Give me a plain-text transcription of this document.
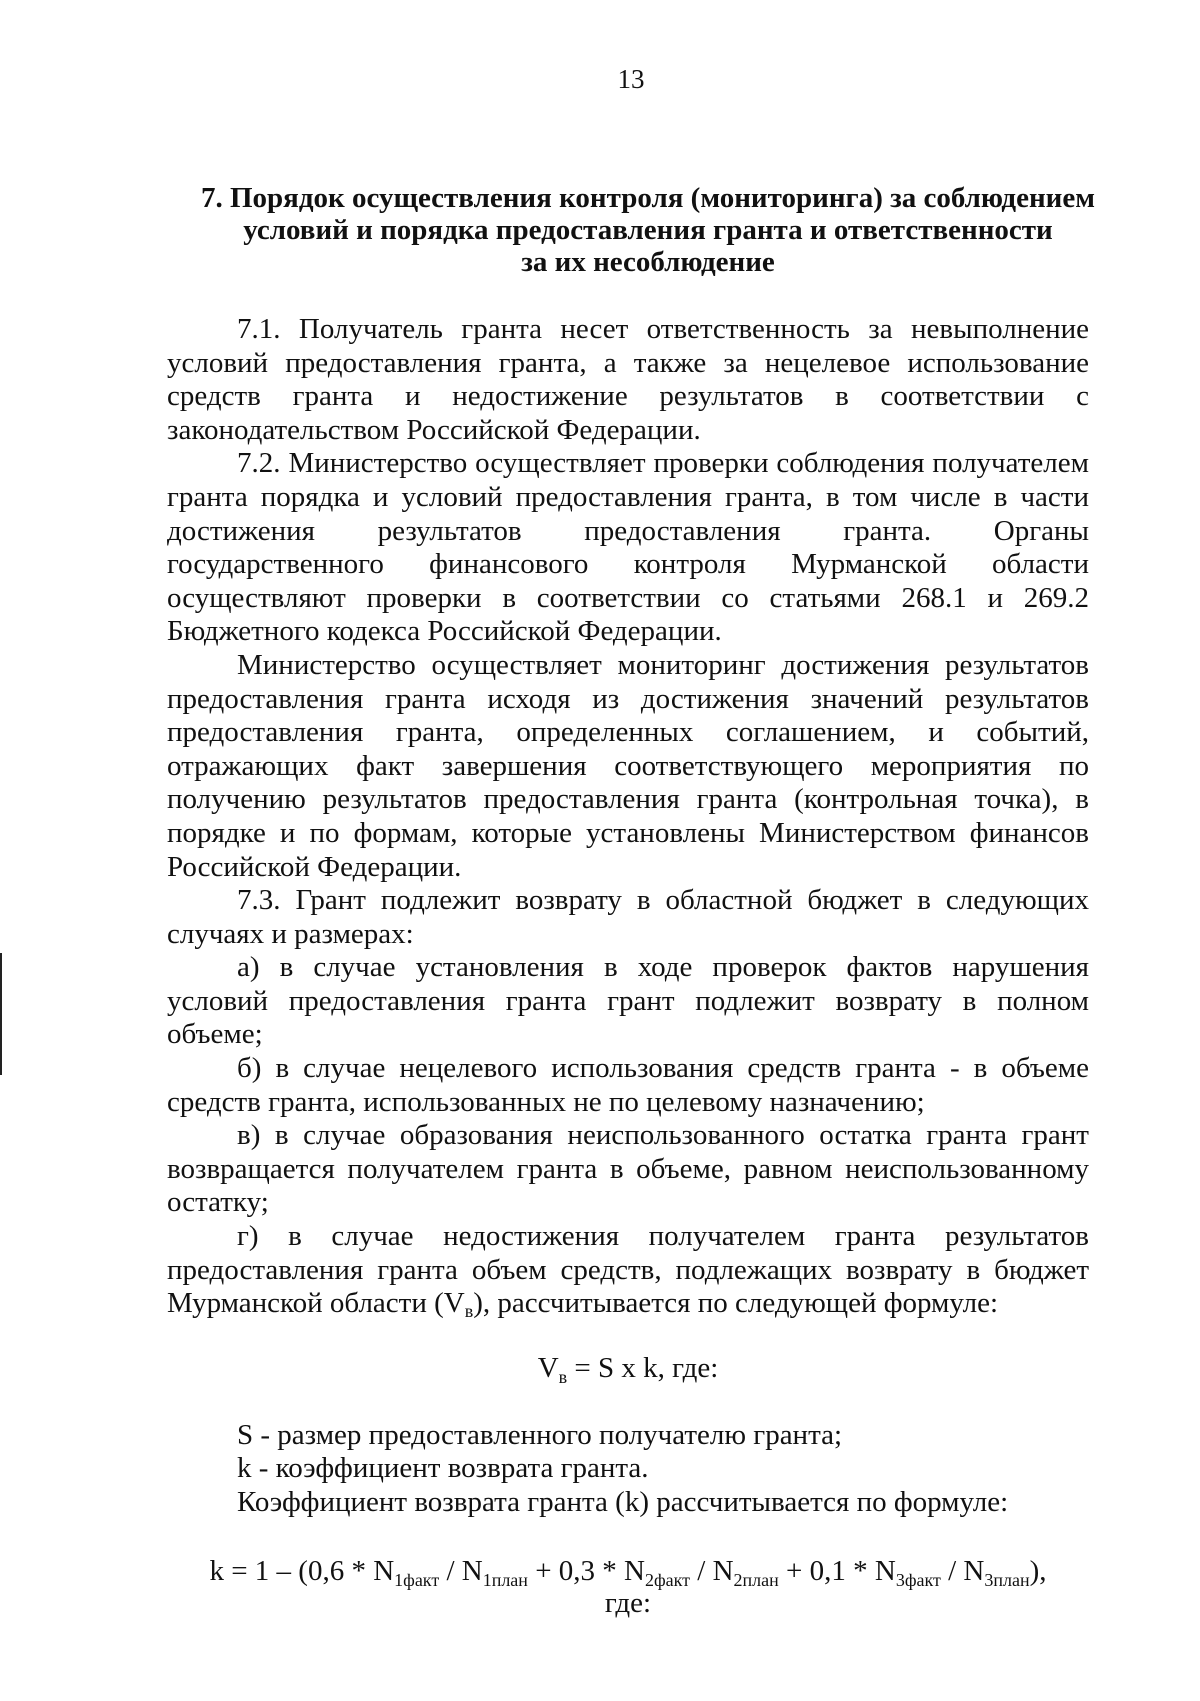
13
7. Порядок осуществления контроля (мониторинга) за соблюдением
условий и порядка предоставления гранта и ответственности
за их несоблюдение

7.1. Получатель гранта несет ответственность за невыполнение условий предоставления гранта, а также за нецелевое использование средств гранта и недостижение результатов в соответствии с законодательством Российской Федерации.

7.2. Министерство осуществляет проверки соблюдения получателем гранта порядка и условий предоставления гранта, в том числе в части достижения результатов предоставления гранта. Органы государственного финансового контроля Мурманской области осуществляют проверки в соответствии со статьями 268.1 и 269.2 Бюджетного кодекса Российской Федерации.

Министерство осуществляет мониторинг достижения результатов предоставления гранта исходя из достижения значений результатов предоставления гранта, определенных соглашением, и событий, отражающих факт завершения соответствующего мероприятия по получению результатов предоставления гранта (контрольная точка), в порядке и по формам, которые установлены Министерством финансов Российской Федерации.

7.3. Грант подлежит возврату в областной бюджет в следующих случаях и размерах:

а) в случае установления в ходе проверок фактов нарушения условий предоставления гранта грант подлежит возврату в полном объеме;

б) в случае нецелевого использования средств гранта - в объеме средств гранта, использованных не по целевому назначению;

в) в случае образования неиспользованного остатка гранта грант возвращается получателем гранта в объеме, равном неиспользованному остатку;

г) в случае недостижения получателем гранта результатов предоставления гранта объем средств, подлежащих возврату в бюджет Мурманской области $(V_в)$, рассчитывается по следующей формуле:

$V_в = S$ x k, где:

S - размер предоставленного получателю гранта;

k - коэффициент возврата гранта.

Коэффициент возврата гранта (k) рассчитывается по формуле:

$k = 1 - (0,6 * N_{1факт} / N_{1план} + 0,3 * N_{2факт} / N_{2план} + 0,1 * N_{3факт} / N_{3план})$,
где:
